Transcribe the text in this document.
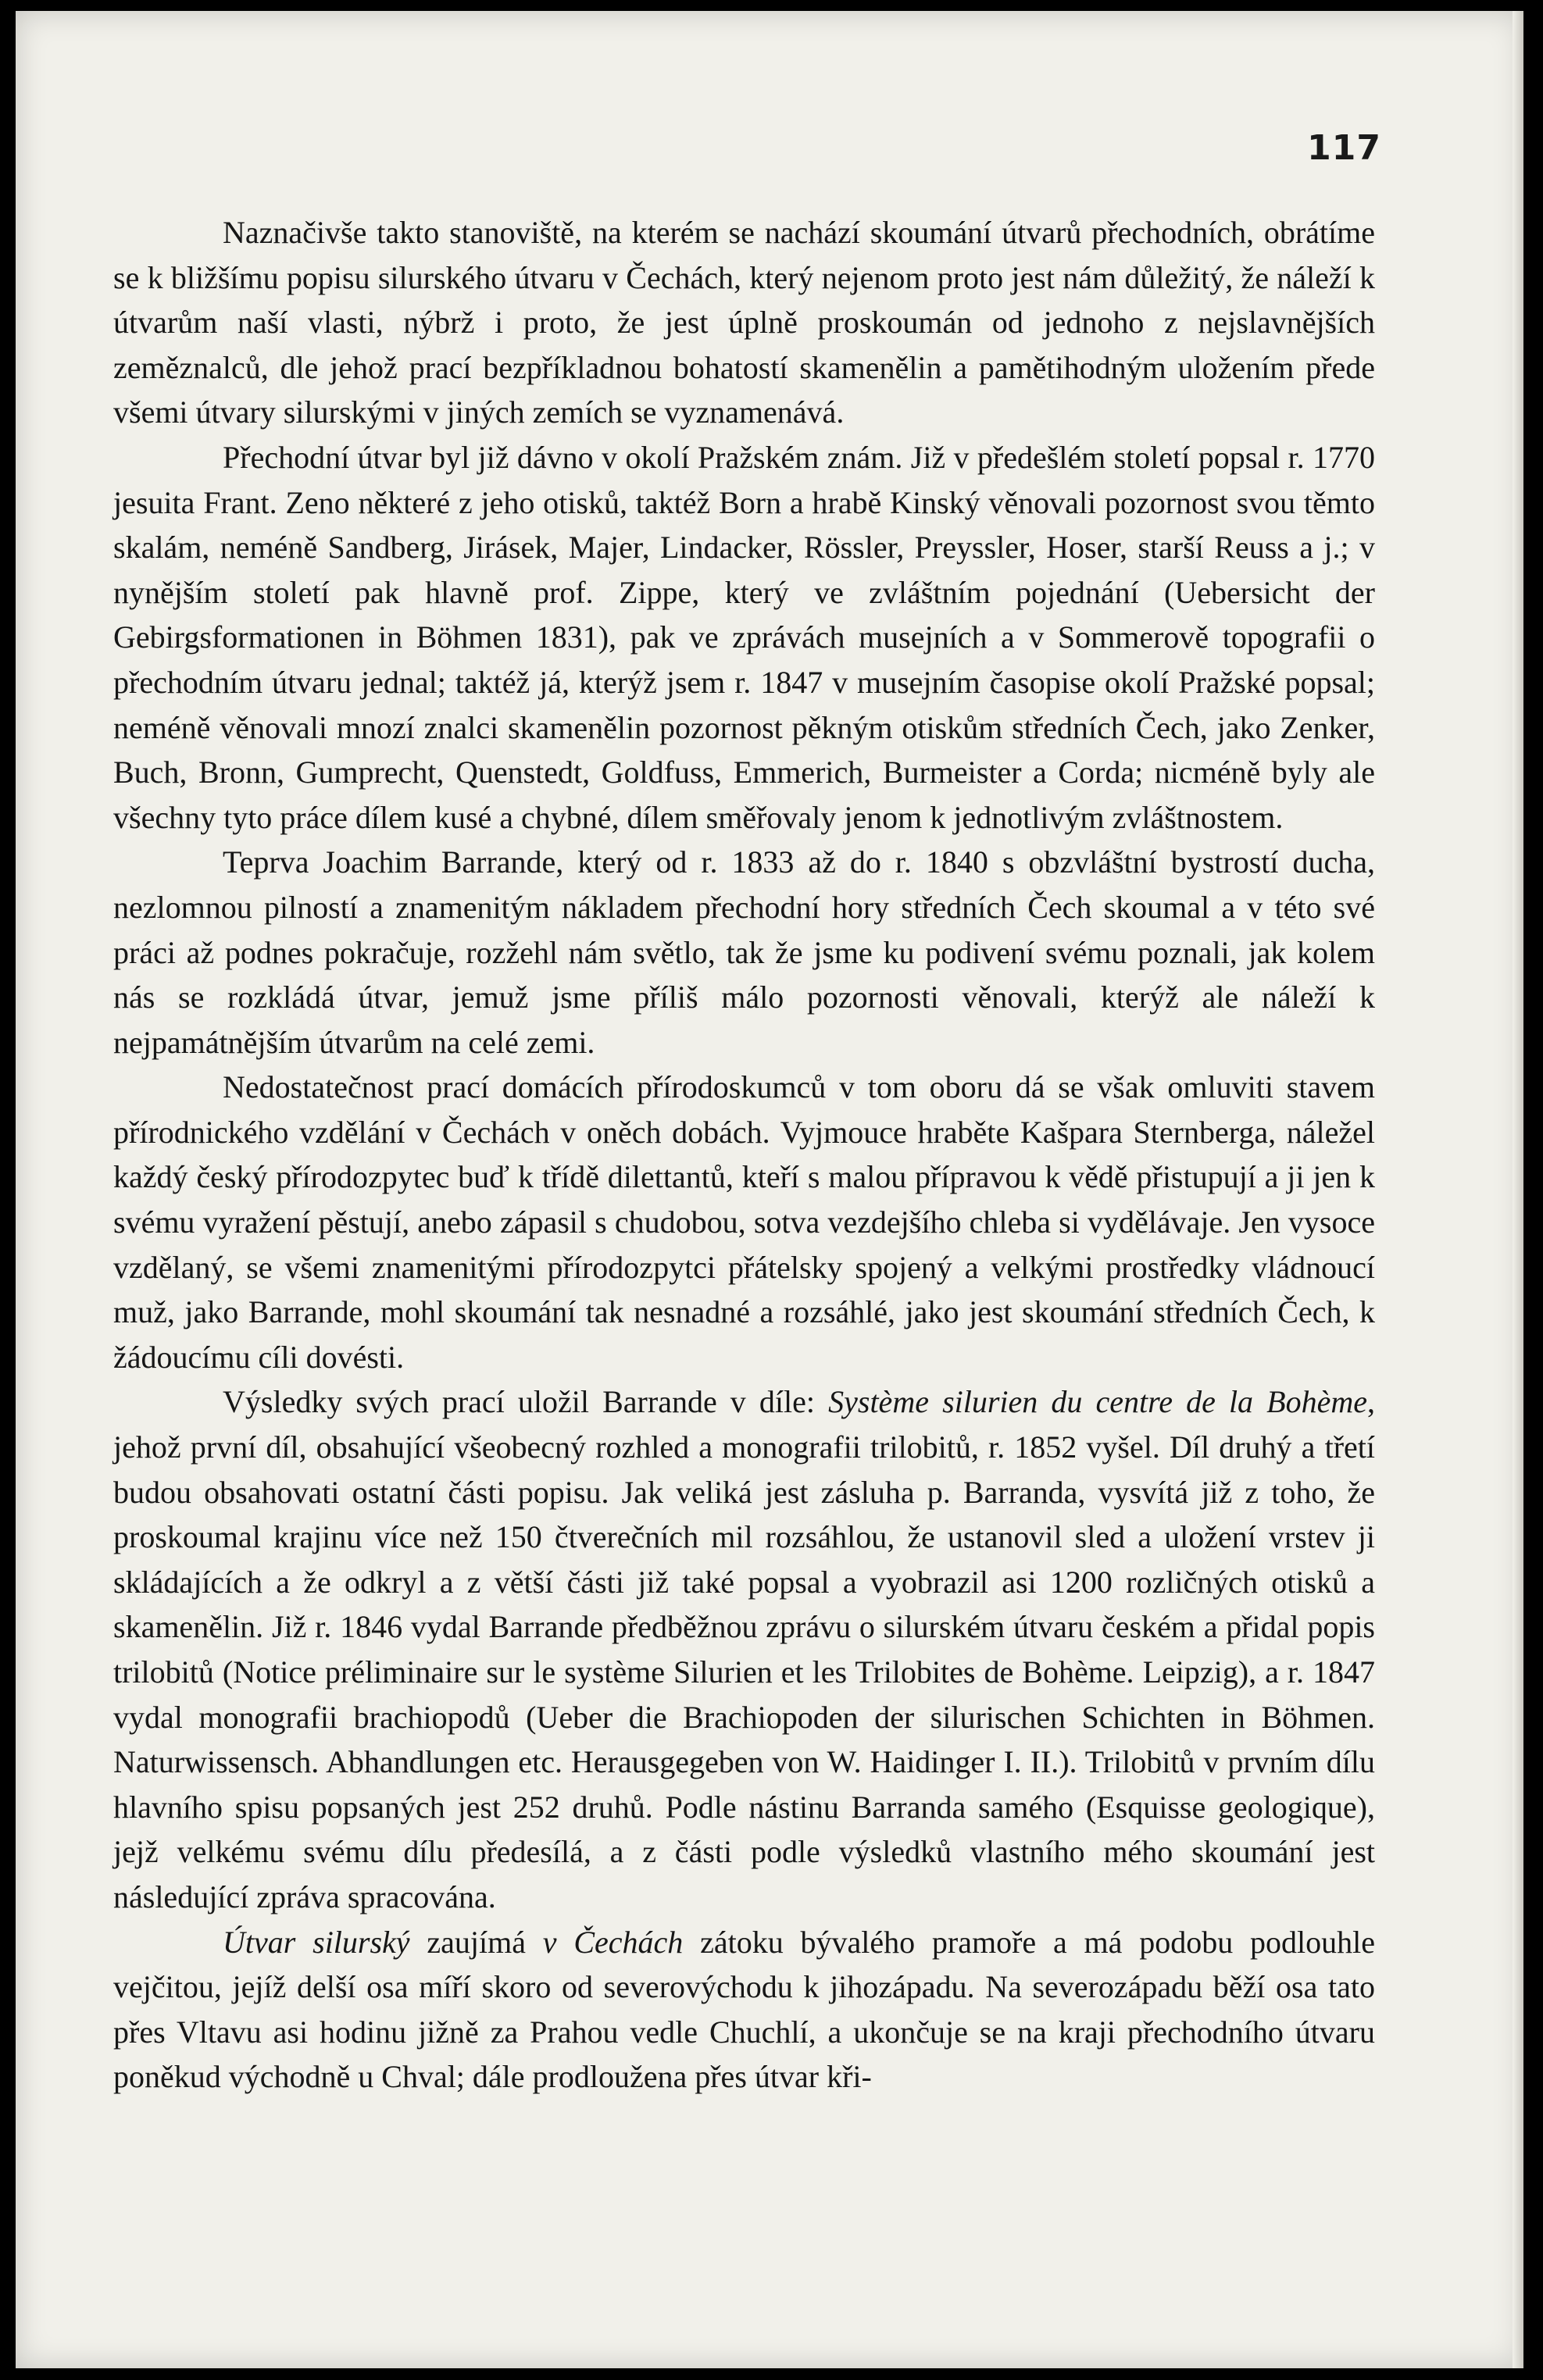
117

Naznačivše takto stanoviště, na kterém se nachází skoumání útvarů přechodních, obrátíme se k bližšímu popisu silurského útvaru v Čechách, který nejenom proto jest nám důležitý, že náleží k útvarům naší vlasti, nýbrž i proto, že jest úplně proskoumán od jednoho z nejslavnějších zeměznalců, dle jehož prací bezpříkladnou bohatostí skamenělin a pamětihodným uložením přede všemi útvary silurskými v jiných zemích se vyznamenává.

Přechodní útvar byl již dávno v okolí Pražském znám. Již v předešlém století popsal r. 1770 jesuita Frant. Zeno některé z jeho otisků, taktéž Born a hrabě Kinský věnovali pozornost svou těmto skalám, neméně Sandberg, Jirásek, Majer, Lindacker, Rössler, Preyssler, Hoser, starší Reuss a j.; v nynějším století pak hlavně prof. Zippe, který ve zvláštním pojednání (Uebersicht der Gebirgsformationen in Böhmen 1831), pak ve zprávách musejních a v Sommerově topografii o přechodním útvaru jednal; taktéž já, kterýž jsem r. 1847 v musejním časopise okolí Pražské popsal; neméně věnovali mnozí znalci skamenělin pozornost pěkným otiskům středních Čech, jako Zenker, Buch, Bronn, Gumprecht, Quenstedt, Goldfuss, Emmerich, Burmeister a Corda; nicméně byly ale všechny tyto práce dílem kusé a chybné, dílem směřovaly jenom k jednotlivým zvláštnostem.

Teprva Joachim Barrande, který od r. 1833 až do r. 1840 s obzvláštní bystrostí ducha, nezlomnou pilností a znamenitým nákladem přechodní hory středních Čech skoumal a v této své práci až podnes pokračuje, rozžehl nám světlo, tak že jsme ku podivení svému poznali, jak kolem nás se rozkládá útvar, jemuž jsme příliš málo pozornosti věnovali, kterýž ale náleží k nejpamátnějším útvarům na celé zemi.

Nedostatečnost prací domácích přírodoskumců v tom oboru dá se však omluviti stavem přírodnického vzdělání v Čechách v oněch dobách. Vyjmouce hraběte Kašpara Sternberga, náležel každý český přírodozpytec buď k třídě dilettantů, kteří s malou přípravou k vědě přistupují a ji jen k svému vyražení pěstují, anebo zápasil s chudobou, sotva vezdejšího chleba si vydělávaje. Jen vysoce vzdělaný, se všemi znamenitými přírodozpytci přátelsky spojený a velkými prostředky vládnoucí muž, jako Barrande, mohl skoumání tak nesnadné a rozsáhlé, jako jest skoumání středních Čech, k žádoucímu cíli dovésti.

Výsledky svých prací uložil Barrande v díle: Système silurien du centre de la Bohème, jehož první díl, obsahující všeobecný rozhled a monografii trilobitů, r. 1852 vyšel. Díl druhý a třetí budou obsahovati ostatní části popisu. Jak veliká jest zásluha p. Barranda, vysvítá již z toho, že proskoumal krajinu více než 150 čtverečních mil rozsáhlou, že ustanovil sled a uložení vrstev ji skládajících a že odkryl a z větší části již také popsal a vyobrazil asi 1200 rozličných otisků a skamenělin. Již r. 1846 vydal Barrande předběžnou zprávu o silurském útvaru českém a přidal popis trilobitů (Notice préliminaire sur le système Silurien et les Trilobites de Bohème. Leipzig), a r. 1847 vydal monografii brachiopodů (Ueber die Brachiopoden der silurischen Schichten in Böhmen. Naturwissensch. Abhandlungen etc. Herausgegeben von W. Haidinger I. II.). Trilobitů v prvním dílu hlavního spisu popsaných jest 252 druhů. Podle nástinu Barranda samého (Esquisse geologique), jejž velkému svému dílu předesílá, a z části podle výsledků vlastního mého skoumání jest následující zpráva spracována.

Útvar silurský zaujímá v Čechách zátoku bývalého pramoře a má podobu podlouhle vejčitou, jejíž delší osa míří skoro od severovýchodu k jihozápadu. Na severozápadu běží osa tato přes Vltavu asi hodinu jižně za Prahou vedle Chuchlí, a ukončuje se na kraji přechodního útvaru poněkud východně u Chval; dále prodloužena přes útvar kři-
